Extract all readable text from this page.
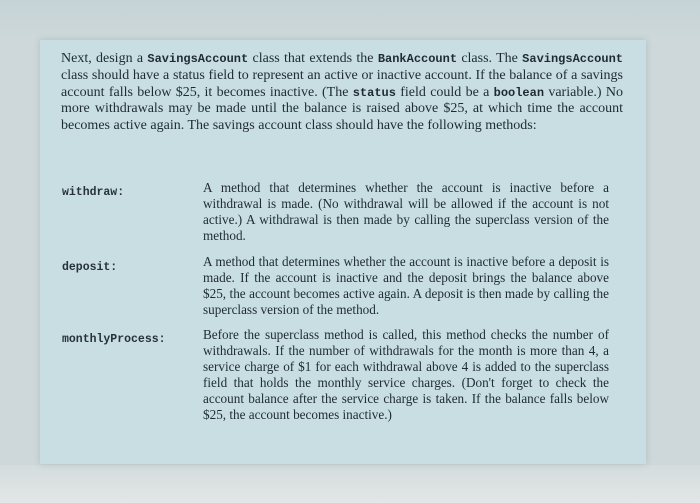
Next, design a SavingsAccount class that extends the BankAccount class. The SavingsAccount class should have a status field to represent an active or inactive account. If the balance of a savings account falls below $25, it becomes inactive. (The status field could be a boolean variable.) No more withdrawals may be made until the balance is raised above $25, at which time the account becomes active again. The savings account class should have the following methods:

withdraw:	A method that determines whether the account is inactive before a withdrawal is made. (No withdrawal will be allowed if the account is not active.) A withdrawal is then made by calling the superclass version of the method.

deposit:	A method that determines whether the account is inactive before a deposit is made. If the account is inactive and the deposit brings the balance above $25, the account becomes active again. A deposit is then made by calling the superclass version of the method.

monthlyProcess:	Before the superclass method is called, this method checks the number of withdrawals. If the number of withdrawals for the month is more than 4, a service charge of $1 for each withdrawal above 4 is added to the superclass field that holds the monthly service charges. (Don't forget to check the account balance after the service charge is taken. If the balance falls below $25, the account becomes inactive.)
